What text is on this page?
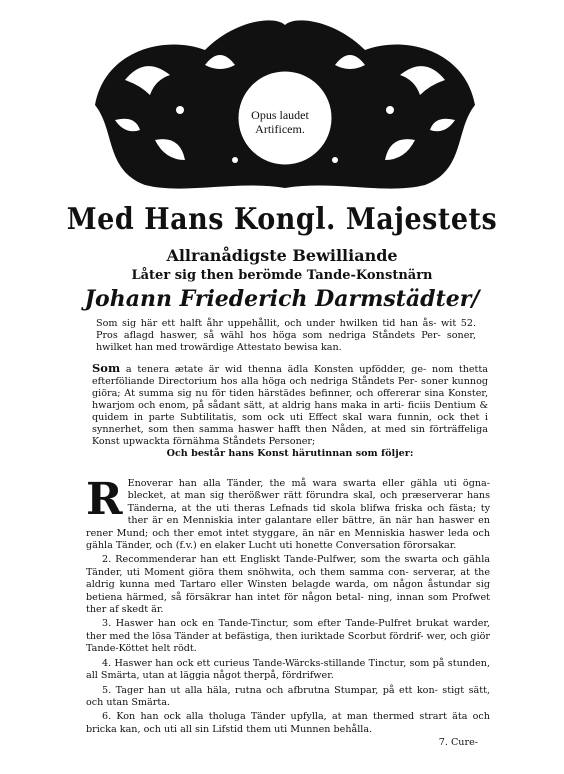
Opus laudet
Artificem.
Med Hans Kongl. Majestets
Allranådigste Bewilliande
Låter sig then berömde Tande-Konstnärn
Johann Friederich Darmstädter/
Som sig här ett halft åhr uppehållit, och under hwilken tid han ås- wit 52. Pros aflagd haswer, så wähl hos höga som nedriga Ståndets Per- soner, hwilket han med trowärdige Attestato bewisa kan.
Som a tenera ætate är wid thenna ädla Konsten upfödder, ge- nom thetta efterföliande Directorium hos alla höga och nedriga Ståndets Per- soner kunnog giöra; At summa sig nu för tiden härstädes befinner, och offererar sina Konster, hwarjom och enom, på sådant sätt, at aldrig hans maka in arti- ficiis Dentium & quidem in parte Subtilitatis, som ock uti Effect skal wara funnin, ock thet i synnerhet, som then samma haswer hafft then Nåden, at med sin förträffeliga Konst upwackta förnähma Ståndets Personer;
Och består hans Konst härutinnan som följer:

R Enoverar han alla Tänder, the må wara swarta eller gähla uti ögna- blecket, at man sig therößwer rätt förundra skal, och præserverar hans Tänderna, at the uti theras Lefnads tid skola blifwa friska och fästa; ty ther är en Menniskia inter galantare eller bättre, än när han haswer en rener Mund; och ther emot intet styggare, än när en Menniskia haswer leda och gähla Tänder, och (f.v.) en elaker Lucht uti honette Conversation förorsakar.

2. Recommenderar han ett Engliskt Tande-Pulfwer, som the swarta och gähla Tänder, uti Moment giöra them snöhwita, och them samma con- serverar, at the aldrig kunna med Tartaro eller Winsten belagde warda, om någon åstundar sig betiena härmed, så försäkrar han intet för någon betal- ning, innan som Profwet ther af skedt är.

3. Haswer han ock en Tande-Tinctur, som efter Tande-Pulfret brukat warder, ther med the lösa Tänder at befästiga, then iuriktade Scorbut fördrif- wer, och giör Tande-Köttet helt rödt.

4. Haswer han ock ett curieus Tande-Wärcks-stillande Tinctur, som på stunden, all Smärta, utan at läggia något therpå, fördrifwer.

5. Tager han ut alla häla, rutna och afbrutna Stumpar, på ett kon- stigt sätt, och utan Smärta.

6. Kon han ock alla tholuga Tänder upfylla, at man thermed strart äta och bricka kan, och uti all sin Lifstid them uti Munnen behålla.

7. Cure-
